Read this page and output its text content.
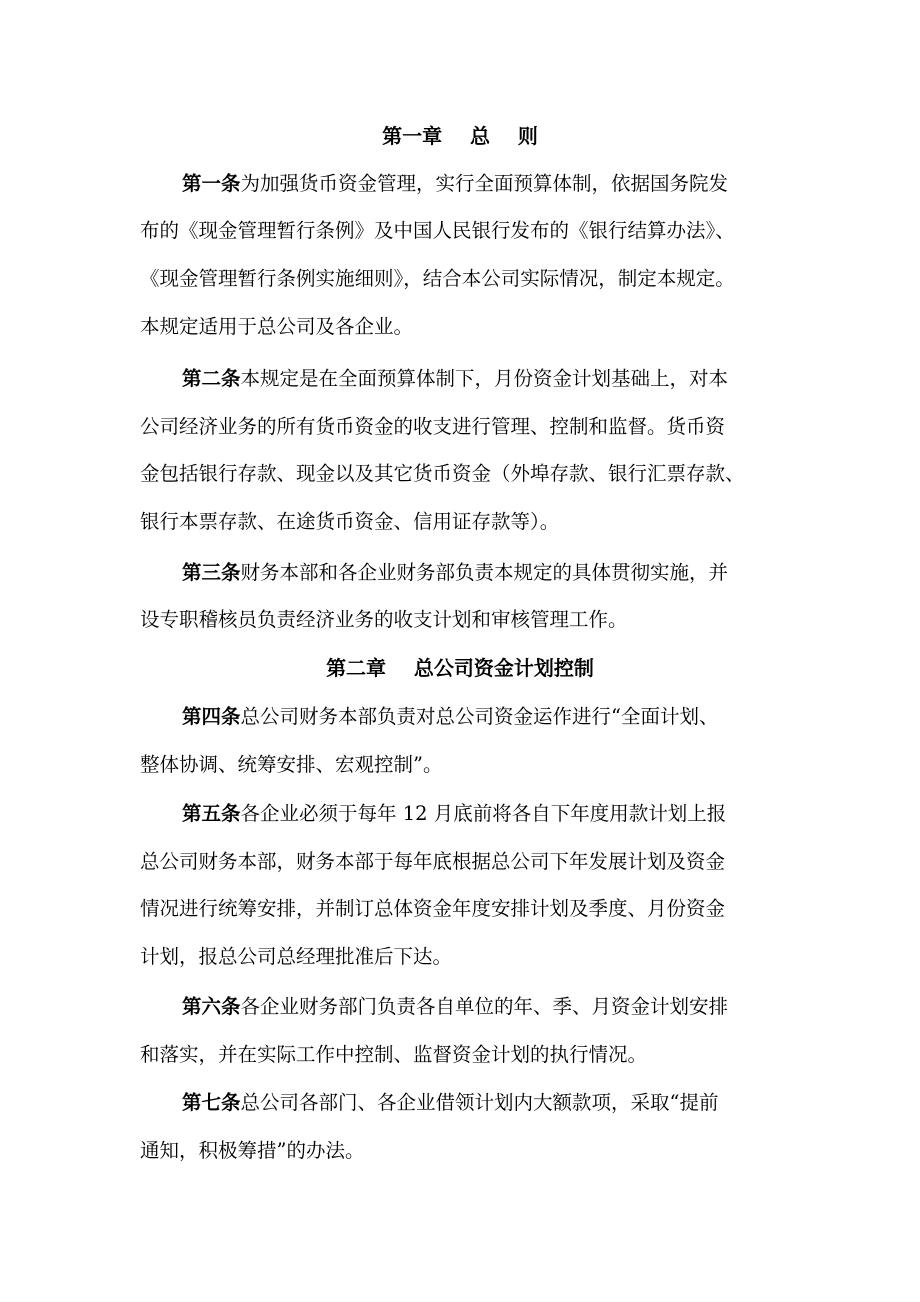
第一章    总    则
第一条为加强货币资金管理，实行全面预算体制，依据国务院发
布的《现金管理暂行条例》及中国人民银行发布的《银行结算办法》、
《现金管理暂行条例实施细则》，结合本公司实际情况，制定本规定。
本规定适用于总公司及各企业。
第二条本规定是在全面预算体制下，月份资金计划基础上，对本
公司经济业务的所有货币资金的收支进行管理、控制和监督。货币资
金包括银行存款、现金以及其它货币资金（外埠存款、银行汇票存款、
银行本票存款、在途货币资金、信用证存款等）。
第三条财务本部和各企业财务部负责本规定的具体贯彻实施，并
设专职稽核员负责经济业务的收支计划和审核管理工作。
第二章    总公司资金计划控制
第四条总公司财务本部负责对总公司资金运作进行“全面计划、
整体协调、统筹安排、宏观控制”。
第五条各企业必须于每年 12 月底前将各自下年度用款计划上报
总公司财务本部，财务本部于每年底根据总公司下年发展计划及资金
情况进行统筹安排，并制订总体资金年度安排计划及季度、月份资金
计划，报总公司总经理批准后下达。
第六条各企业财务部门负责各自单位的年、季、月资金计划安排
和落实，并在实际工作中控制、监督资金计划的执行情况。
第七条总公司各部门、各企业借领计划内大额款项，采取“提前
通知，积极筹措”的办法。
